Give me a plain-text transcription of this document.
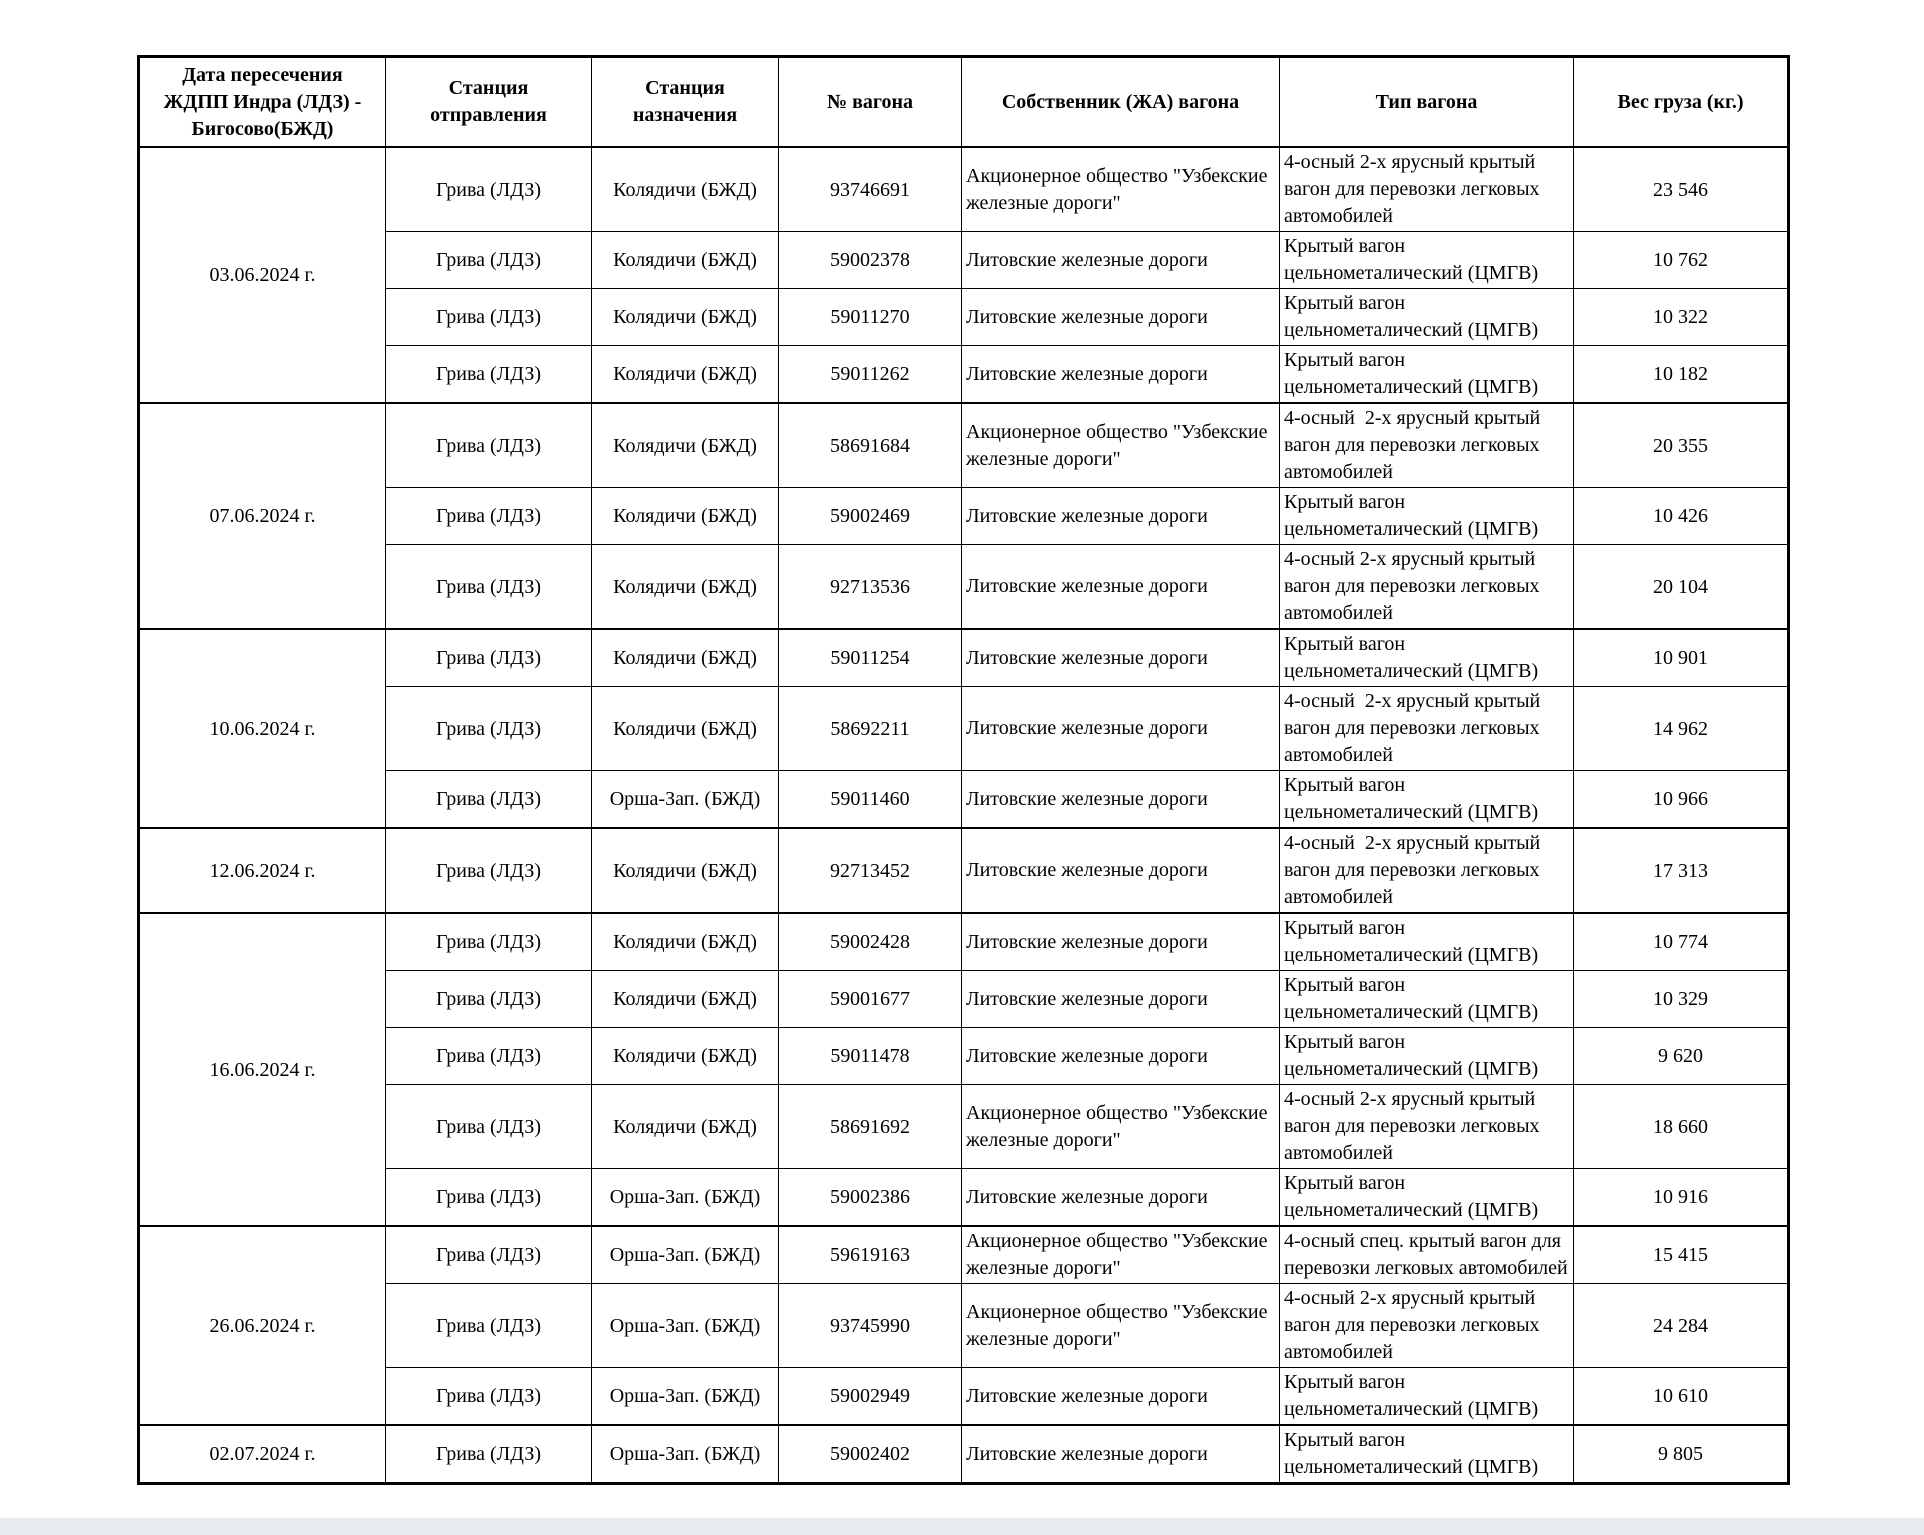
Дата пересечения ЖДПП Индра (ЛДЗ) - Бигосово(БЖД)	Станция отправления	Станция назначения	№ вагона	Собственник (ЖА) вагона	Тип вагона	Вес груза (кг.)
03.06.2024 г.	Грива (ЛДЗ)	Колядичи (БЖД)	93746691	Акционерное общество "Узбекские железные дороги"	4-осный 2-х ярусный крытый вагон для перевозки легковых автомобилей	23 546
	Грива (ЛДЗ)	Колядичи (БЖД)	59002378	Литовские железные дороги	Крытый вагон цельнометалический (ЦМГВ)	10 762
	Грива (ЛДЗ)	Колядичи (БЖД)	59011270	Литовские железные дороги	Крытый вагон цельнометалический (ЦМГВ)	10 322
	Грива (ЛДЗ)	Колядичи (БЖД)	59011262	Литовские железные дороги	Крытый вагон цельнометалический (ЦМГВ)	10 182
07.06.2024 г.	Грива (ЛДЗ)	Колядичи (БЖД)	58691684	Акционерное общество "Узбекские железные дороги"	4-осный  2-х ярусный крытый вагон для перевозки легковых автомобилей	20 355
	Грива (ЛДЗ)	Колядичи (БЖД)	59002469	Литовские железные дороги	Крытый вагон цельнометалический (ЦМГВ)	10 426
	Грива (ЛДЗ)	Колядичи (БЖД)	92713536	Литовские железные дороги	4-осный 2-х ярусный крытый вагон для перевозки легковых автомобилей	20 104
10.06.2024 г.	Грива (ЛДЗ)	Колядичи (БЖД)	59011254	Литовские железные дороги	Крытый вагон цельнометалический (ЦМГВ)	10 901
	Грива (ЛДЗ)	Колядичи (БЖД)	58692211	Литовские железные дороги	4-осный  2-х ярусный крытый вагон для перевозки легковых автомобилей	14 962
	Грива (ЛДЗ)	Орша-Зап. (БЖД)	59011460	Литовские железные дороги	Крытый вагон цельнометалический (ЦМГВ)	10 966
12.06.2024 г.	Грива (ЛДЗ)	Колядичи (БЖД)	92713452	Литовские железные дороги	4-осный  2-х ярусный крытый вагон для перевозки легковых автомобилей	17 313
16.06.2024 г.	Грива (ЛДЗ)	Колядичи (БЖД)	59002428	Литовские железные дороги	Крытый вагон цельнометалический (ЦМГВ)	10 774
	Грива (ЛДЗ)	Колядичи (БЖД)	59001677	Литовские железные дороги	Крытый вагон цельнометалический (ЦМГВ)	10 329
	Грива (ЛДЗ)	Колядичи (БЖД)	59011478	Литовские железные дороги	Крытый вагон цельнометалический (ЦМГВ)	9 620
	Грива (ЛДЗ)	Колядичи (БЖД)	58691692	Акционерное общество "Узбекские железные дороги"	4-осный 2-х ярусный крытый вагон для перевозки легковых автомобилей	18 660
	Грива (ЛДЗ)	Орша-Зап. (БЖД)	59002386	Литовские железные дороги	Крытый вагон цельнометалический (ЦМГВ)	10 916
26.06.2024 г.	Грива (ЛДЗ)	Орша-Зап. (БЖД)	59619163	Акционерное общество "Узбекские железные дороги"	4-осный спец. крытый вагон для перевозки легковых автомобилей	15 415
	Грива (ЛДЗ)	Орша-Зап. (БЖД)	93745990	Акционерное общество "Узбекские железные дороги"	4-осный 2-х ярусный крытый вагон для перевозки легковых автомобилей	24 284
	Грива (ЛДЗ)	Орша-Зап. (БЖД)	59002949	Литовские железные дороги	Крытый вагон цельнометалический (ЦМГВ)	10 610
02.07.2024 г.	Грива (ЛДЗ)	Орша-Зап. (БЖД)	59002402	Литовские железные дороги	Крытый вагон цельнометалический (ЦМГВ)	9 805
